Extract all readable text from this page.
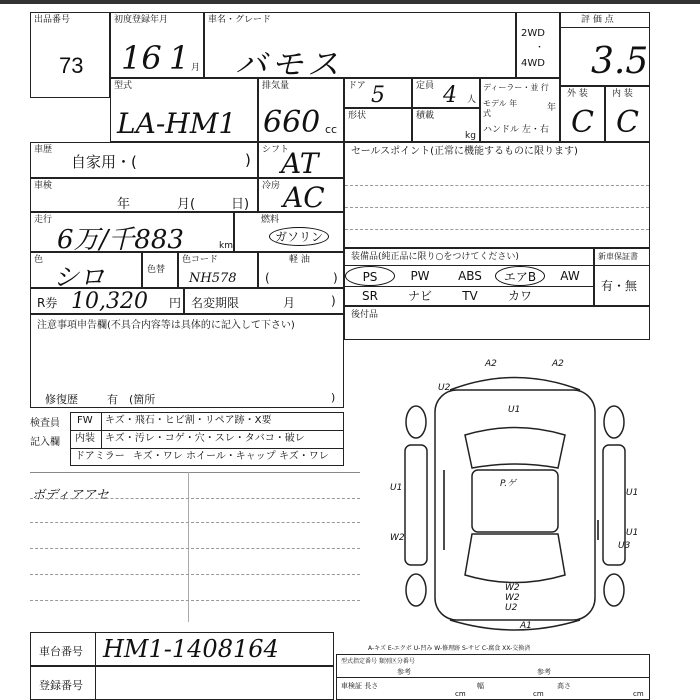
出品番号
73
初度登録年月
16 1 月
車名・グレード
バモス
2WD
・
4WD
評 価 点
3.5
外 装
C
内 装
C
型式
LA-HM1
排気量
660 cc
ドア 5	定員 4 人
ディーラー・並 行
モデル 年式
年
ハンドル 左・右
形状	積載
kg
車歴
自家用・(	)
シフト
AT
車検
年	月(	日)
冷房 AC
走行
6万/千883	km
燃料
ガソリン
色
シロ	色替
色コード
NH578
軽 油
(	)
R券 10,320 円 名変期限	月	)
注意事項申告欄(不具合内容等は具体的に記入して下さい)
修復歴	有 (箇所	)
検査員
記入欄
FW キズ・飛石・ヒビ割・リペア跡・X要
内装 キズ・汚レ・コゲ・穴・スレ・タバコ・破レ
ドアミラー キズ・ワレ ホイール・キャップ キズ・ワレ
ボディアアセ
セールスポイント(正常に機能するものに限ります)
装備品(純正品に限り○をつけてください)
PS	PW	ABS	エアB	AW
SR	ナビ	TV	カワ
新車保証書
有・無
後付品
A2	A2
U2
U1
U1	U1
W2
W2
W2
U2
P.ゲ
U1
U3
A1
A-キズ E-エクボ U-凹み W-修理跡 S-サビ C-腐食 XX-交換済
車台番号 HM1-1408164
登録番号
型式指定番号 類別区分番号
参考	参考
車検証 長さ
cm
幅
cm
高さ
cm
